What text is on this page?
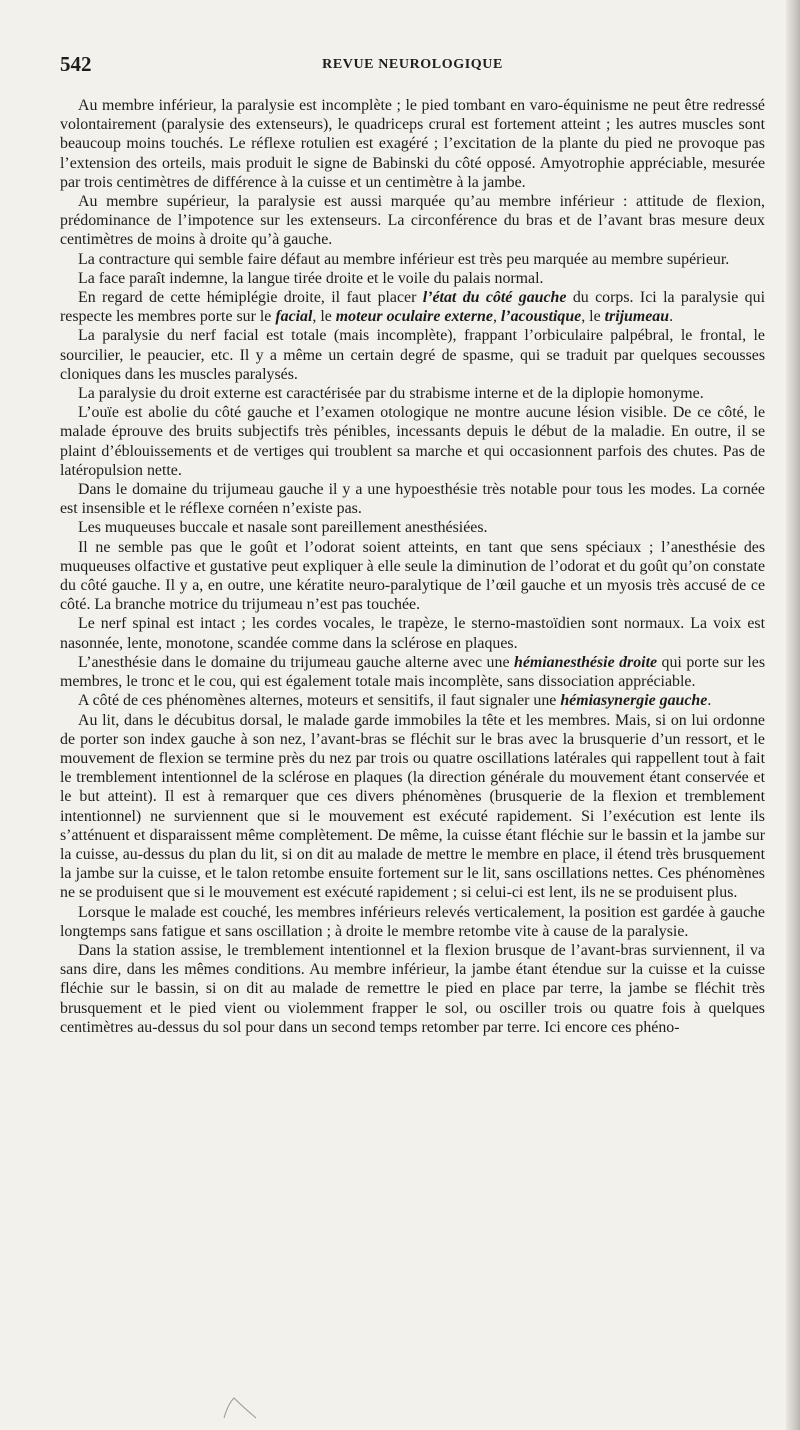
542	REVUE NEUROLOGIQUE

Au membre inférieur, la paralysie est incomplète ; le pied tombant en varo-équinisme ne peut être redressé volontairement (paralysie des extenseurs), le quadriceps crural est fortement atteint ; les autres muscles sont beaucoup moins touchés. Le réflexe rotulien est exagéré ; l’excitation de la plante du pied ne provoque pas l’extension des orteils, mais produit le signe de Babinski du côté opposé. Amyotrophie appréciable, mesurée par trois centimètres de différence à la cuisse et un centimètre à la jambe.

Au membre supérieur, la paralysie est aussi marquée qu’au membre inférieur : attitude de flexion, prédominance de l’impotence sur les extenseurs. La circonférence du bras et de l’avant bras mesure deux centimètres de moins à droite qu’à gauche.

La contracture qui semble faire défaut au membre inférieur est très peu marquée au membre supérieur.

La face paraît indemne, la langue tirée droite et le voile du palais normal.

En regard de cette hémiplégie droite, il faut placer l’état du côté gauche du corps. Ici la paralysie qui respecte les membres porte sur le facial, le moteur oculaire externe, l’acoustique, le trijumeau.

La paralysie du nerf facial est totale (mais incomplète), frappant l’orbiculaire palpébral, le frontal, le sourcilier, le peaucier, etc. Il y a même un certain degré de spasme, qui se traduit par quelques secousses cloniques dans les muscles paralysés.

La paralysie du droit externe est caractérisée par du strabisme interne et de la diplopie homonyme.

L’ouïe est abolie du côté gauche et l’examen otologique ne montre aucune lésion visible. De ce côté, le malade éprouve des bruits subjectifs très pénibles, incessants depuis le début de la maladie. En outre, il se plaint d’éblouissements et de vertiges qui troublent sa marche et qui occasionnent parfois des chutes. Pas de latéropulsion nette.

Dans le domaine du trijumeau gauche il y a une hypoesthésie très notable pour tous les modes. La cornée est insensible et le réflexe cornéen n’existe pas.

Les muqueuses buccale et nasale sont pareillement anesthésiées.

Il ne semble pas que le goût et l’odorat soient atteints, en tant que sens spéciaux ; l’anesthésie des muqueuses olfactive et gustative peut expliquer à elle seule la diminution de l’odorat et du goût qu’on constate du côté gauche. Il y a, en outre, une kératite neuro-paralytique de l’œil gauche et un myosis très accusé de ce côté. La branche motrice du trijumeau n’est pas touchée.

Le nerf spinal est intact ; les cordes vocales, le trapèze, le sterno-mastoïdien sont normaux. La voix est nasonnée, lente, monotone, scandée comme dans la sclérose en plaques.

L’anesthésie dans le domaine du trijumeau gauche alterne avec une hémianesthésie droite qui porte sur les membres, le tronc et le cou, qui est également totale mais incomplète, sans dissociation appréciable.

A côté de ces phénomènes alternes, moteurs et sensitifs, il faut signaler une hémiasynergie gauche.

Au lit, dans le décubitus dorsal, le malade garde immobiles la tête et les membres. Mais, si on lui ordonne de porter son index gauche à son nez, l’avant-bras se fléchit sur le bras avec la brusquerie d’un ressort, et le mouvement de flexion se termine près du nez par trois ou quatre oscillations latérales qui rappellent tout à fait le tremblement intentionnel de la sclérose en plaques (la direction générale du mouvement étant conservée et le but atteint). Il est à remarquer que ces divers phénomènes (brusquerie de la flexion et tremblement intentionnel) ne surviennent que si le mouvement est exécuté rapidement. Si l’exécution est lente ils s’atténuent et disparaissent même complètement. De même, la cuisse étant fléchie sur le bassin et la jambe sur la cuisse, au-dessus du plan du lit, si on dit au malade de mettre le membre en place, il étend très brusquement la jambe sur la cuisse, et le talon retombe ensuite fortement sur le lit, sans oscillations nettes. Ces phénomènes ne se produisent que si le mouvement est exécuté rapidement ; si celui-ci est lent, ils ne se produisent plus.

Lorsque le malade est couché, les membres inférieurs relevés verticalement, la position est gardée à gauche longtemps sans fatigue et sans oscillation ; à droite le membre retombe vite à cause de la paralysie.

Dans la station assise, le tremblement intentionnel et la flexion brusque de l’avant-bras surviennent, il va sans dire, dans les mêmes conditions. Au membre inférieur, la jambe étant étendue sur la cuisse et la cuisse fléchie sur le bassin, si on dit au malade de remettre le pied en place par terre, la jambe se fléchit très brusquement et le pied vient ou violemment frapper le sol, ou osciller trois ou quatre fois à quelques centimètres au-dessus du sol pour dans un second temps retomber par terre. Ici encore ces phéno-
